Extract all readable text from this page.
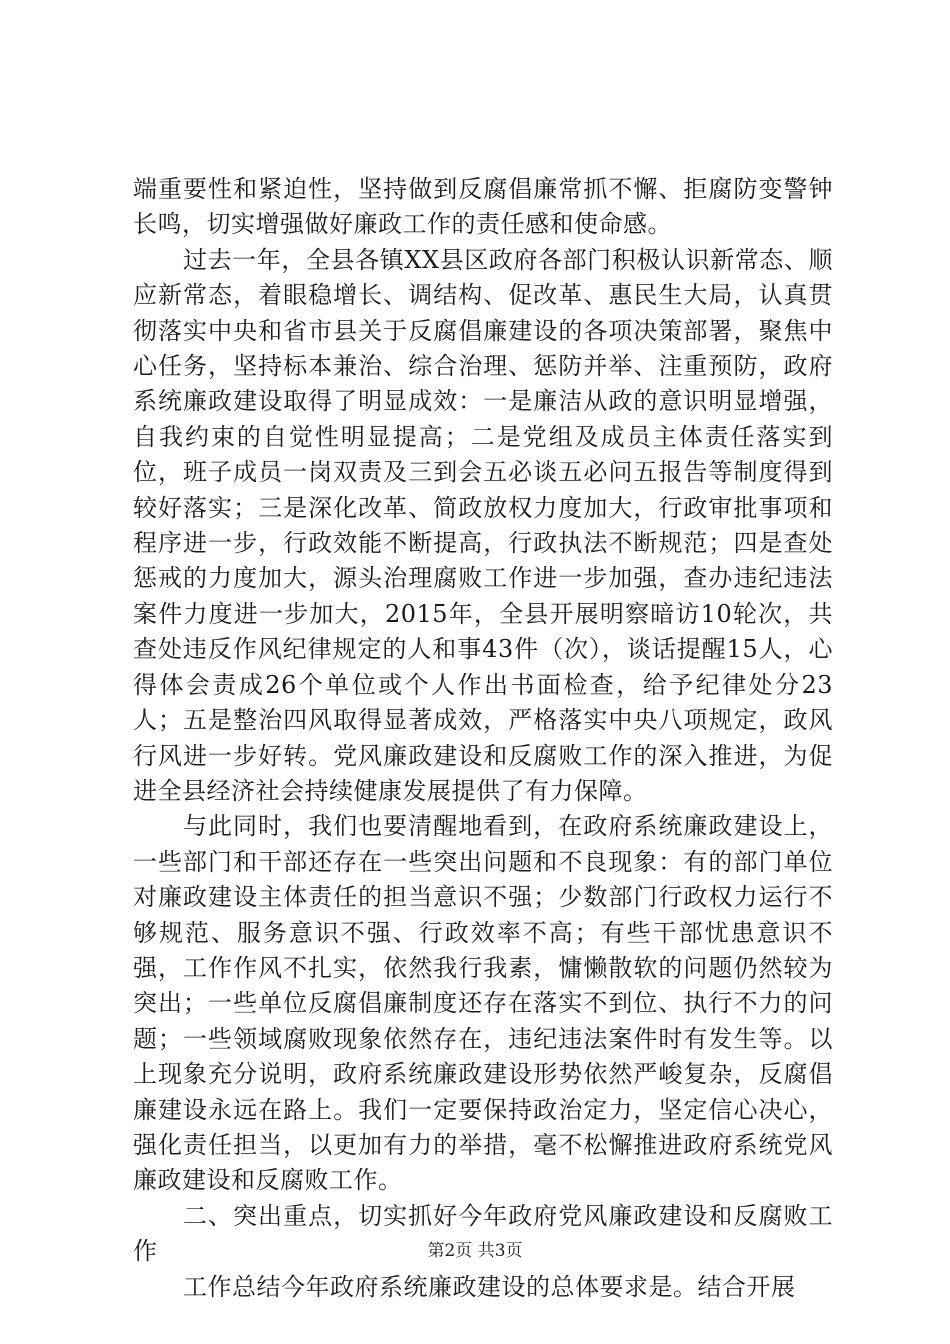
端重要性和紧迫性，坚持做到反腐倡廉常抓不懈、拒腐防变警钟长鸣，切实增强做好廉政工作的责任感和使命感。

过去一年，全县各镇XX县区政府各部门积极认识新常态、顺应新常态，着眼稳增长、调结构、促改革、惠民生大局，认真贯彻落实中央和省市县关于反腐倡廉建设的各项决策部署，聚焦中心任务，坚持标本兼治、综合治理、惩防并举、注重预防，政府系统廉政建设取得了明显成效：一是廉洁从政的意识明显增强，自我约束的自觉性明显提高；二是党组及成员主体责任落实到位，班子成员一岗双责及三到会五必谈五必问五报告等制度得到较好落实；三是深化改革、简政放权力度加大，行政审批事项和程序进一步，行政效能不断提高，行政执法不断规范；四是查处惩戒的力度加大，源头治理腐败工作进一步加强，查办违纪违法案件力度进一步加大，2015年，全县开展明察暗访10轮次，共查处违反作风纪律规定的人和事43件（次），谈话提醒15人，心得体会责成26个单位或个人作出书面检查，给予纪律处分23人；五是整治四风取得显著成效，严格落实中央八项规定，政风行风进一步好转。党风廉政建设和反腐败工作的深入推进，为促进全县经济社会持续健康发展提供了有力保障。

与此同时，我们也要清醒地看到，在政府系统廉政建设上，一些部门和干部还存在一些突出问题和不良现象：有的部门单位对廉政建设主体责任的担当意识不强；少数部门行政权力运行不够规范、服务意识不强、行政效率不高；有些干部忧患意识不强，工作作风不扎实，依然我行我素，慵懒散软的问题仍然较为突出；一些单位反腐倡廉制度还存在落实不到位、执行不力的问题；一些领域腐败现象依然存在，违纪违法案件时有发生等。以上现象充分说明，政府系统廉政建设形势依然严峻复杂，反腐倡廉建设永远在路上。我们一定要保持政治定力，坚定信心决心，强化责任担当，以更加有力的举措，毫不松懈推进政府系统党风廉政建设和反腐败工作。

二、突出重点，切实抓好今年政府党风廉政建设和反腐败工作

工作总结今年政府系统廉政建设的总体要求是。结合开展

第2页 共3页
